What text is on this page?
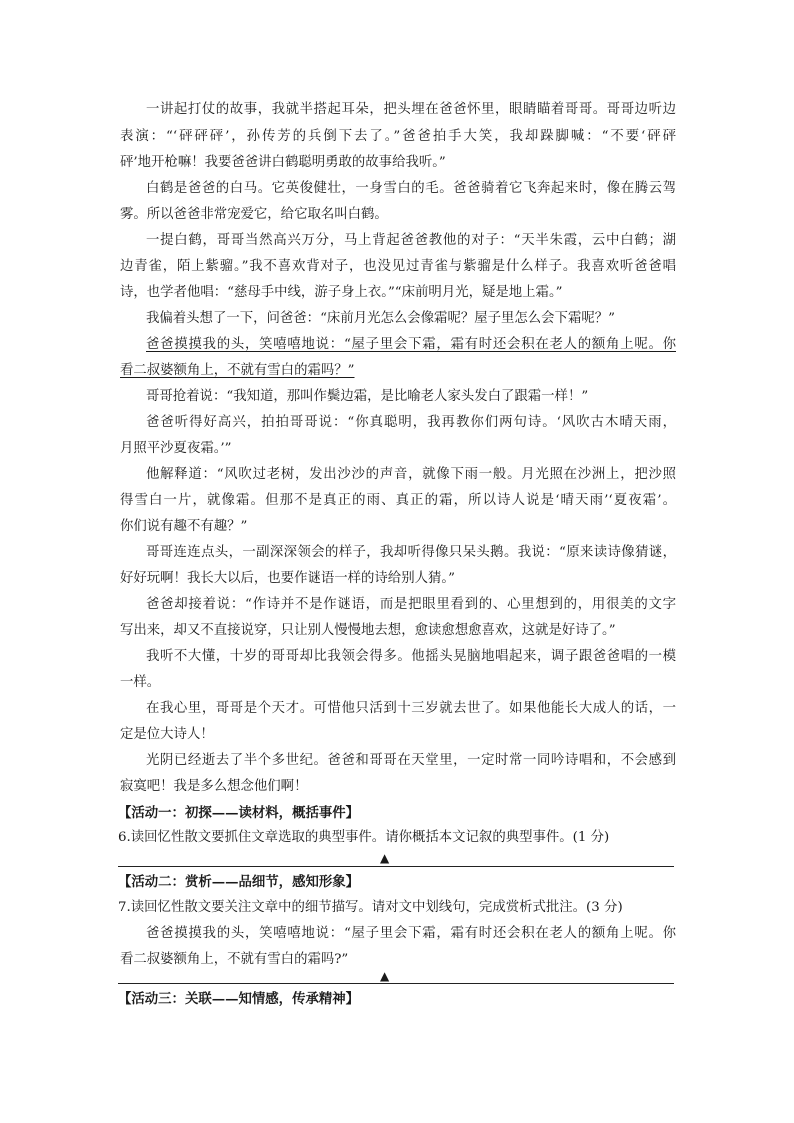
一讲起打仗的故事，我就半搭起耳朵，把头埋在爸爸怀里，眼睛瞄着哥哥。哥哥边听边
表演：“‘砰砰砰’，孙传芳的兵倒下去了。”爸爸拍手大笑，我却跺脚喊：“不要‘砰砰
砰’地开枪嘛！我要爸爸讲白鹤聪明勇敢的故事给我听。”
白鹤是爸爸的白马。它英俊健壮，一身雪白的毛。爸爸骑着它飞奔起来时，像在腾云驾
雾。所以爸爸非常宠爱它，给它取名叫白鹤。
一提白鹤，哥哥当然高兴万分，马上背起爸爸教他的对子：“天半朱霞，云中白鹤；湖
边青雀，陌上紫骝。”我不喜欢背对子，也没见过青雀与紫骝是什么样子。我喜欢听爸爸唱
诗，也学者他唱：“慈母手中线，游子身上衣。”“床前明月光，疑是地上霜。”
我偏着头想了一下，问爸爸：“床前月光怎么会像霜呢？屋子里怎么会下霜呢？”
爸爸摸摸我的头，笑嘻嘻地说：“屋子里会下霜，霜有时还会积在老人的额角上呢。你
看二叔婆额角上，不就有雪白的霜吗？”
哥哥抢着说：“我知道，那叫作鬓边霜，是比喻老人家头发白了跟霜一样！”
爸爸听得好高兴，拍拍哥哥说：“你真聪明，我再教你们两句诗。‘风吹古木晴天雨，
月照平沙夏夜霜。’”
他解释道：“风吹过老树，发出沙沙的声音，就像下雨一般。月光照在沙洲上，把沙照
得雪白一片，就像霜。但那不是真正的雨、真正的霜，所以诗人说是‘晴天雨’‘夏夜霜’。
你们说有趣不有趣？”
哥哥连连点头，一副深深领会的样子，我却听得像只呆头鹅。我说：“原来读诗像猜谜，
好好玩啊！我长大以后，也要作谜语一样的诗给别人猜。”
爸爸却接着说：“作诗并不是作谜语，而是把眼里看到的、心里想到的，用很美的文字
写出来，却又不直接说穿，只让别人慢慢地去想，愈读愈想愈喜欢，这就是好诗了。”
我听不大懂，十岁的哥哥却比我领会得多。他摇头晃脑地唱起来，调子跟爸爸唱的一模
一样。
在我心里，哥哥是个天才。可惜他只活到十三岁就去世了。如果他能长大成人的话，一
定是位大诗人！
光阴已经逝去了半个多世纪。爸爸和哥哥在天堂里，一定时常一同吟诗唱和，不会感到
寂寞吧！我是多么想念他们啊！
【活动一：初探——读材料，概括事件】
6.读回忆性散文要抓住文章选取的典型事件。请你概括本文记叙的典型事件。(1 分)
▲
【活动二：赏析——品细节，感知形象】
7.读回忆性散文要关注文章中的细节描写。请对文中划线句，完成赏析式批注。(3 分)
爸爸摸摸我的头，笑嘻嘻地说：“屋子里会下霜，霜有时还会积在老人的额角上呢。你
看二叔婆额角上，不就有雪白的霜吗?”
▲
【活动三：关联——知情感，传承精神】
